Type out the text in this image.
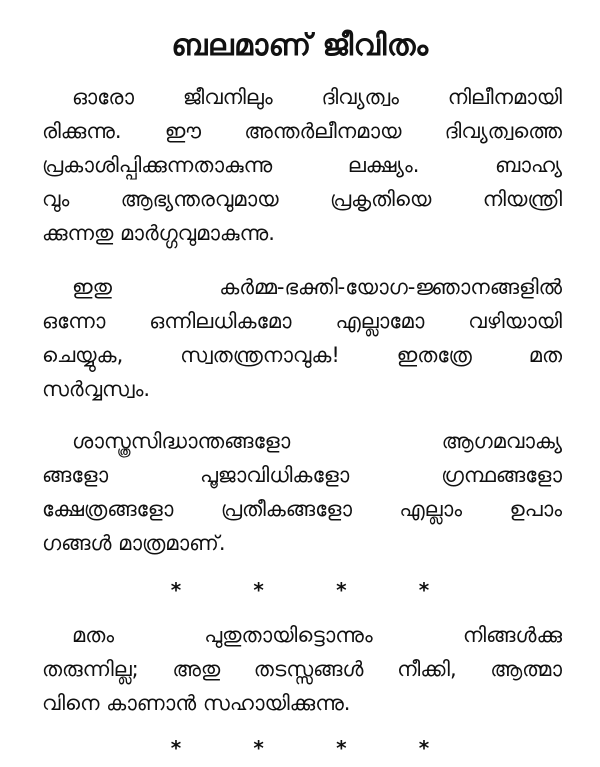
ബലമാണ് ജീവിതം
ഓരോ ജീവനിലും ദിവ്യത്വം നിലീനമായി
രിക്കുന്നു. ഈ അന്തർലീനമായ ദിവ്യത്വത്തെ
പ്രകാശിപ്പിക്കുന്നതാകുന്നു ലക്ഷ്യം. ബാഹ്യ
വും ആഭ്യന്തരവുമായ പ്രകൃതിയെ നിയന്ത്രി
ക്കുന്നതു മാർഗ്ഗവുമാകുന്നു.
ഇതു കർമ്മ-ഭക്തി-യോഗ-ജ്ഞാനങ്ങളിൽ
ഒന്നോ ഒന്നിലധികമോ എല്ലാമോ വഴിയായി
ചെയ്യുക, സ്വതന്ത്രനാവുക! ഇതത്രേ മത
സർവ്വസ്വം.
ശാസ്ത്രസിദ്ധാന്തങ്ങളോ ആഗമവാക്യ
ങ്ങളോ പൂജാവിധികളോ ഗ്രന്ഥങ്ങളോ
ക്ഷേത്രങ്ങളോ പ്രതീകങ്ങളോ എല്ലാം ഉപാം
ഗങ്ങൾ മാത്രമാണ്.
*	*	*	*
മതം പുതുതായിട്ടൊന്നും നിങ്ങൾക്കു
തരുന്നില്ല; അതു തടസ്സങ്ങൾ നീക്കി, ആത്മാ
വിനെ കാണാൻ സഹായിക്കുന്നു.
*	*	*	*
